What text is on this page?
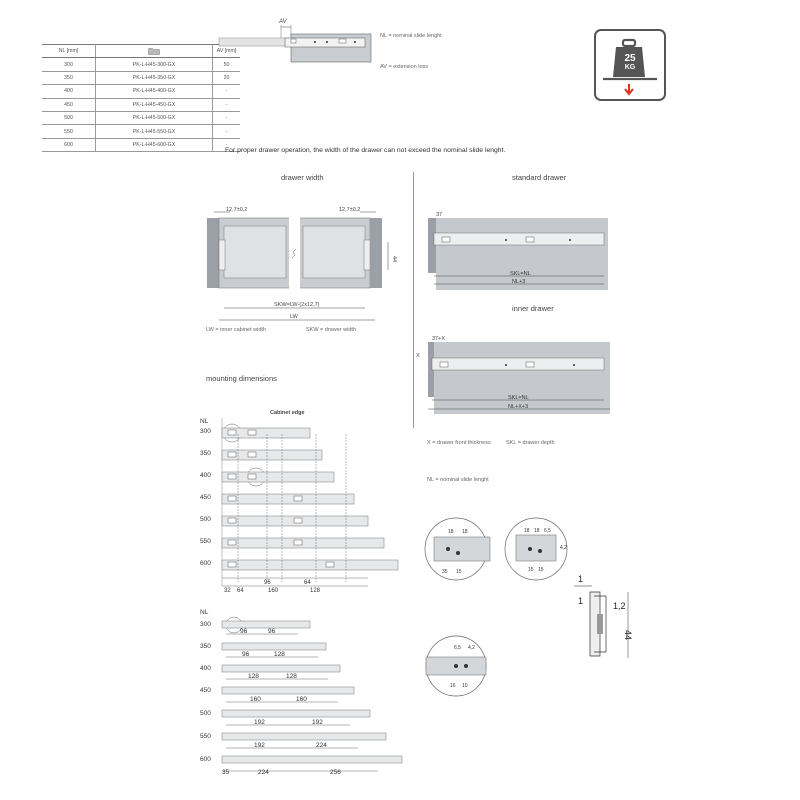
NL [mm]		AV [mm]
300	PK-L-H45-300-GX	50
350	PK-L-H45-350-GX	20
400	PK-L-H45-400-GX	-
450	PK-L-H45-450-GX	-
500	PK-L-H45-500-GX	-
550	PK-L-H45-550-GX	-
600	PK-L-H45-600-GX	-
AV
NL = nominal slide lenght
AV = extension loss
25
KG
For proper drawer operation, the width of the drawer can not exceed the nominal slide lenght.
drawer width
12,7±0,2	12,7±0,2
44
SKW=LW-(2x12,7)
LW
LW = inner cabinet width	SKW = drawer width
standard drawer
37
SKL=NL
NL+3
inner drawer
37+X
X
SKL=NL
NL+X+3
X = drawer front thickness	SKL = drawer depth
NL = nominal slide lenght
mounting dimensions
Cabinet edge
NL
300
350
400
450
500
550
600
32 64
96
160
64
128
NL
300
350
400
450
500
550
600
96	96
96	128
128	128
160	160
192	192
192	224
35	224	256
18 18
35 15
18 18 6,5
4,2
15 15
6,5 4,2
16 10
1
1	1,2
44
